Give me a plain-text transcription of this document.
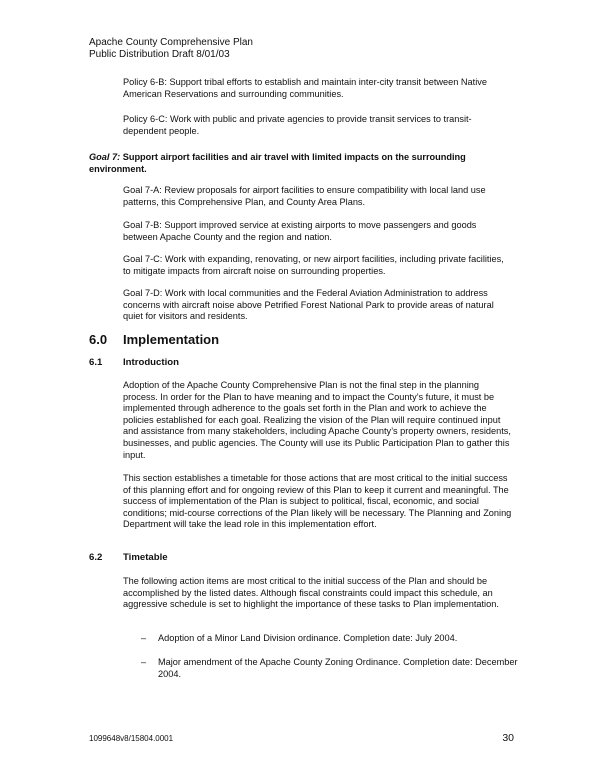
Apache County Comprehensive Plan
Public Distribution Draft 8/01/03
Policy 6-B: Support tribal efforts to establish and maintain inter-city transit between Native American Reservations and surrounding communities.
Policy 6-C: Work with public and private agencies to provide transit services to transit-dependent people.
Goal 7: Support airport facilities and air travel with limited impacts on the surrounding environment.
Goal 7-A: Review proposals for airport facilities to ensure compatibility with local land use patterns, this Comprehensive Plan, and County Area Plans.
Goal 7-B: Support improved service at existing airports to move passengers and goods between Apache County and the region and nation.
Goal 7-C: Work with expanding, renovating, or new airport facilities, including private facilities, to mitigate impacts from aircraft noise on surrounding properties.
Goal 7-D: Work with local communities and the Federal Aviation Administration to address concerns with aircraft noise above Petrified Forest National Park to provide areas of natural quiet for visitors and residents.
6.0 Implementation
6.1 Introduction
Adoption of the Apache County Comprehensive Plan is not the final step in the planning process. In order for the Plan to have meaning and to impact the County’s future, it must be implemented through adherence to the goals set forth in the Plan and work to achieve the policies established for each goal. Realizing the vision of the Plan will require continued input and assistance from many stakeholders, including Apache County’s property owners, residents, businesses, and public agencies. The County will use its Public Participation Plan to gather this input.
This section establishes a timetable for those actions that are most critical to the initial success of this planning effort and for ongoing review of this Plan to keep it current and meaningful. The success of implementation of the Plan is subject to political, fiscal, economic, and social conditions; mid-course corrections of the Plan likely will be necessary. The Planning and Zoning Department will take the lead role in this implementation effort.
6.2 Timetable
The following action items are most critical to the initial success of the Plan and should be accomplished by the listed dates. Although fiscal constraints could impact this schedule, an aggressive schedule is set to highlight the importance of these tasks to Plan implementation.
– Adoption of a Minor Land Division ordinance. Completion date: July 2004.
– Major amendment of the Apache County Zoning Ordinance. Completion date: December 2004.
1099648v8/15804.0001	30
